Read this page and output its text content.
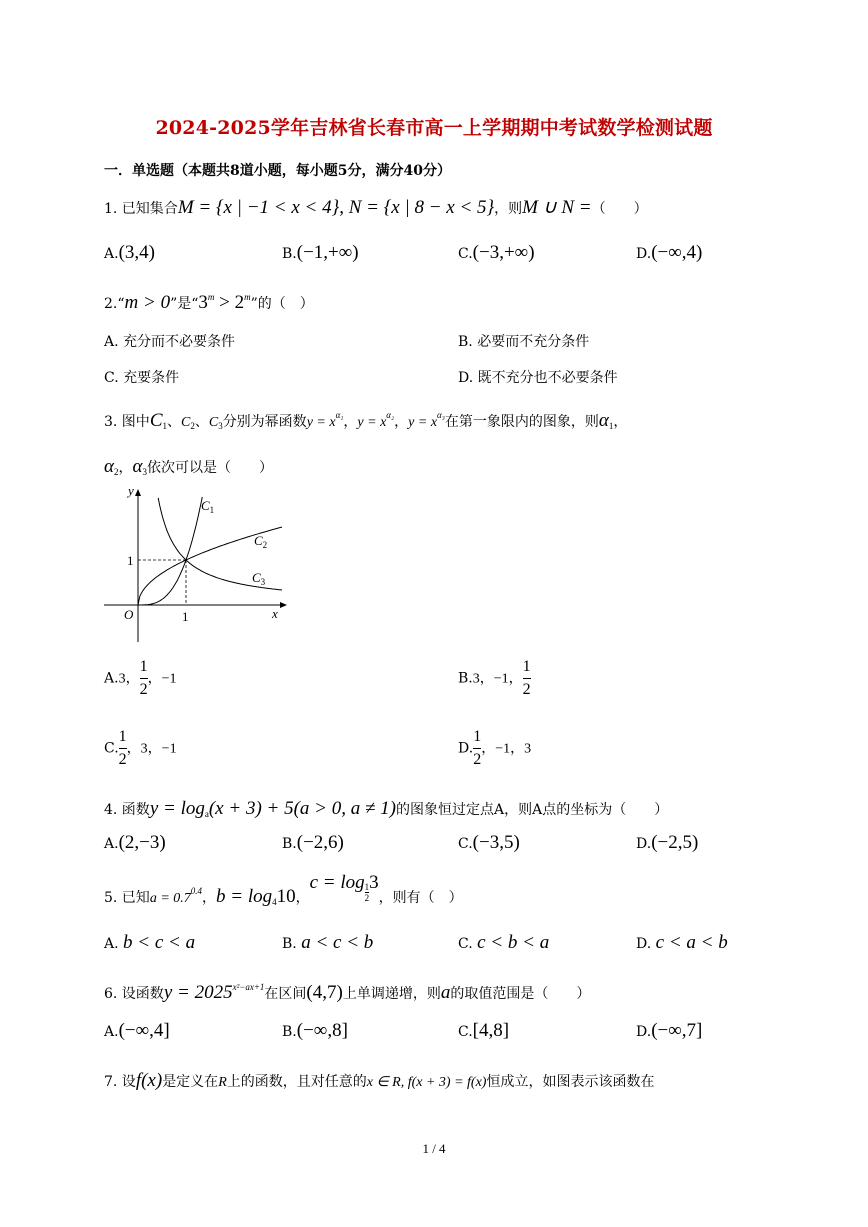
2024-2025学年吉林省长春市高一上学期期中考试数学检测试题
一．单选题（本题共8道小题，每小题5分，满分40分）
1. 已知集合M = {x | −1 < x < 4}, N = {x | 8 − x < 5}，则M ∪ N =（　　）
A.(3,4)	B.(−1,+∞)	C.(−3,+∞)	D.(−∞,4)
2.“m > 0”是“$3^m > 2^m$”的（　）
A. 充分而不必要条件	B. 必要而不充分条件
C. 充要条件	D. 既不充分也不必要条件
3. 图中$C_1$、$C_2$、$C_3$分别为幂函数$y = x^{\alpha_1}$，$y = x^{\alpha_2}$，$y = x^{\alpha_3}$在第一象限内的图象，则$\alpha_1$，
$\alpha_2$，$\alpha_3$依次可以是（　　）
y
x
O	1
1
$C_1$
$C_2$
$C_3$
A.3， $\frac{1}{2}$ ，−1	B.3，−1， $\frac{1}{2}$
C. $\frac{1}{2}$ ，3，−1	D. $\frac{1}{2}$ ，−1，3
4. 函数$y = \log_a(x + 3) + 5(a > 0$, a ≠ 1)的图象恒过定点A，则A点的坐标为（　　）
A.(2,−3)	B.(−2,6)	C.(−3,5)	D.(−2,5)
5. 已知$a = 0.7^{0.4}$，$b = \log_410$，$c = \log \frac{1}{2} 3$，则有（　）
A. b < c < a	B. a < c < b	C. c < b < a	D. c < a < b
6. 设函数$y = 2025^{x^2-ax+1}$在区间(4,7)上单调递增，则a的取值范围是（　　）
A.(−∞,4]	B.(−∞,8]	C.[4,8]	D.(−∞,7]
7. 设f(x)是定义在R上的函数，且对任意的x ∈ R, f(x + 3) = f(x)恒成立，如图表示该函数在
1 / 4
